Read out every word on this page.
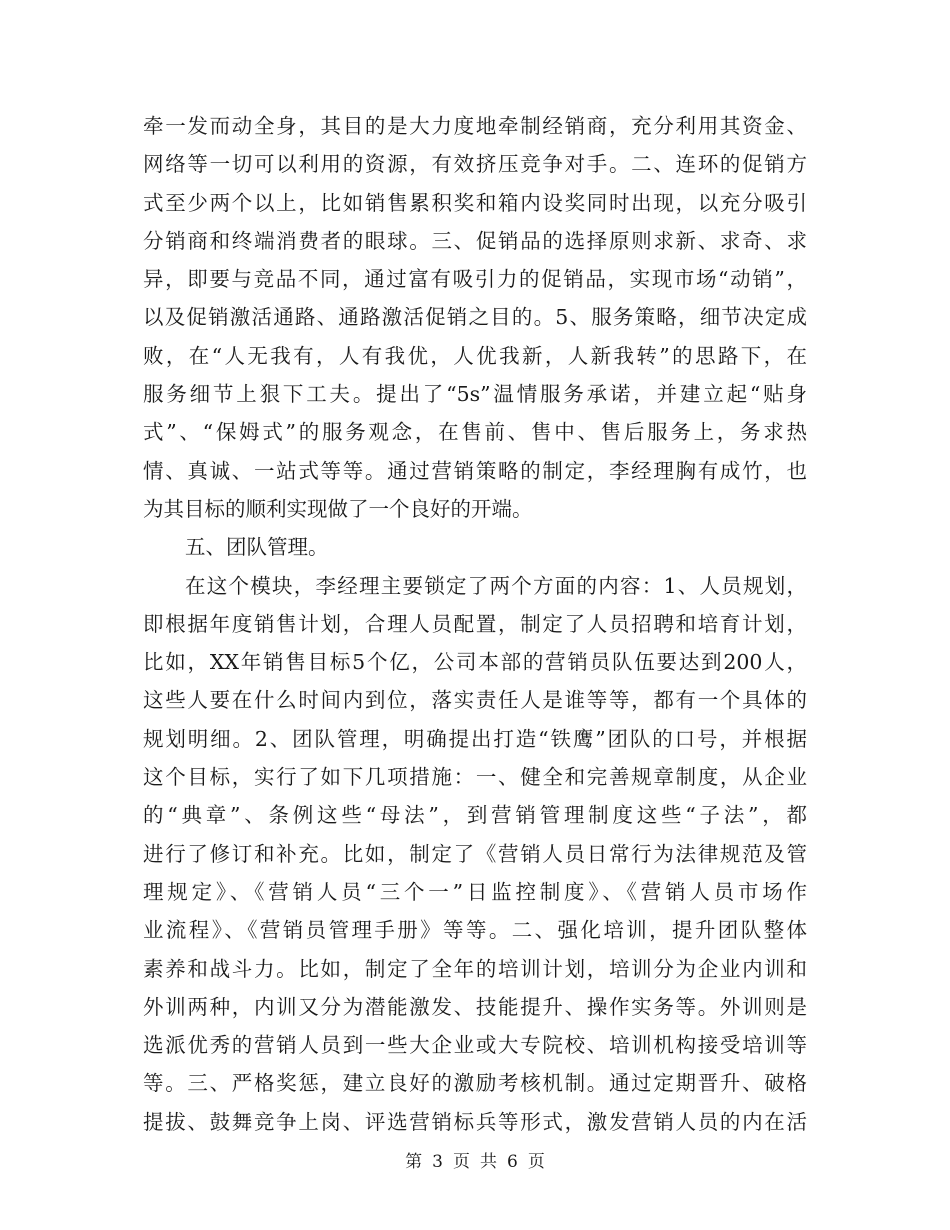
牵一发而动全身，其目的是大力度地牵制经销商，充分利用其资金、
网络等一切可以利用的资源，有效挤压竞争对手。二、连环的促销方
式至少两个以上，比如销售累积奖和箱内设奖同时出现，以充分吸引
分销商和终端消费者的眼球。三、促销品的选择原则求新、求奇、求
异，即要与竞品不同，通过富有吸引力的促销品，实现市场“动销”，
以及促销激活通路、通路激活促销之目的。5、服务策略，细节决定成
败，在“人无我有，人有我优，人优我新，人新我转”的思路下，在
服务细节上狠下工夫。提出了“5s”温情服务承诺，并建立起“贴身
式”、“保姆式”的服务观念，在售前、售中、售后服务上，务求热
情、真诚、一站式等等。通过营销策略的制定，李经理胸有成竹，也
为其目标的顺利实现做了一个良好的开端。
五、团队管理。
在这个模块，李经理主要锁定了两个方面的内容：1、人员规划，
即根据年度销售计划，合理人员配置，制定了人员招聘和培育计划，
比如，XX年销售目标5个亿，公司本部的营销员队伍要达到200人，
这些人要在什么时间内到位，落实责任人是谁等等，都有一个具体的
规划明细。2、团队管理，明确提出打造“铁鹰”团队的口号，并根据
这个目标，实行了如下几项措施：一、健全和完善规章制度，从企业
的“典章”、条例这些“母法”，到营销管理制度这些“子法”，都
进行了修订和补充。比如，制定了《营销人员日常行为法律规范及管
理规定》、《营销人员“三个一”日监控制度》、《营销人员市场作
业流程》、《营销员管理手册》等等。二、强化培训，提升团队整体
素养和战斗力。比如，制定了全年的培训计划，培训分为企业内训和
外训两种，内训又分为潜能激发、技能提升、操作实务等。外训则是
选派优秀的营销人员到一些大企业或大专院校、培训机构接受培训等
等。三、严格奖惩，建立良好的激励考核机制。通过定期晋升、破格
提拔、鼓舞竞争上岗、评选营销标兵等形式，激发营销人员的内在活
第 3 页 共 6 页
